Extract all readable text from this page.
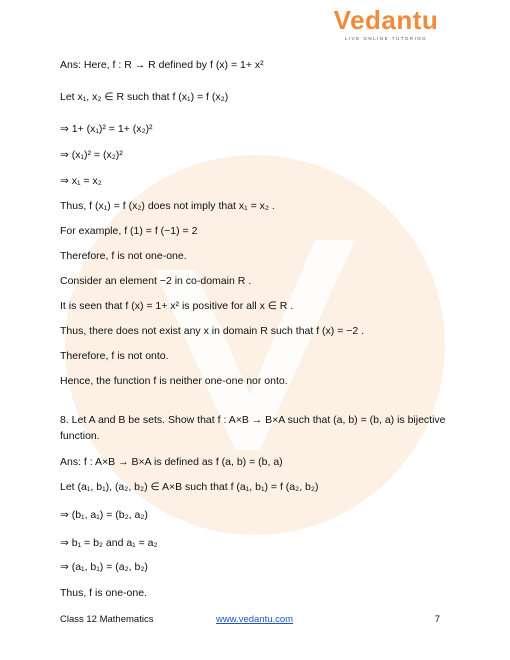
Vedantu
LIVE ONLINE TUTORING
Ans: Here, f : R → R defined by f (x) = 1+ x²
Let x₁, x₂ ∈ R such that f (x₁) = f (x₂)
⇒ 1+ (x₁)² = 1+ (x₂)²
⇒ (x₁)² = (x₂)²
⇒ x₁ = x₂
Thus, f (x₁) = f (x₂) does not imply that x₁ = x₂ .
For example, f (1) = f (−1) = 2
Therefore, f is not one-one.
Consider an element −2 in co-domain R .
It is seen that f (x) = 1+ x² is positive for all x ∈ R .
Thus, there does not exist any x in domain R such that f (x) = −2 .
Therefore, f is not onto.
Hence, the function f is neither one-one nor onto.
8. Let A and B be sets. Show that f : A×B → B×A such that (a, b) = (b, a) is bijective function.
Ans: f : A×B → B×A is defined as f (a, b) = (b, a)
Let (a₁, b₁), (a₂, b₂) ∈ A×B such that f (a₁, b₁) = f (a₂, b₂)
⇒ (b₁, a₁) = (b₂, a₂)
⇒ b₁ = b₂ and a₁ = a₂
⇒ (a₁, b₁) = (a₂, b₂)
Thus, f is one-one.
Class 12 Mathematics	www.vedantu.com	7
